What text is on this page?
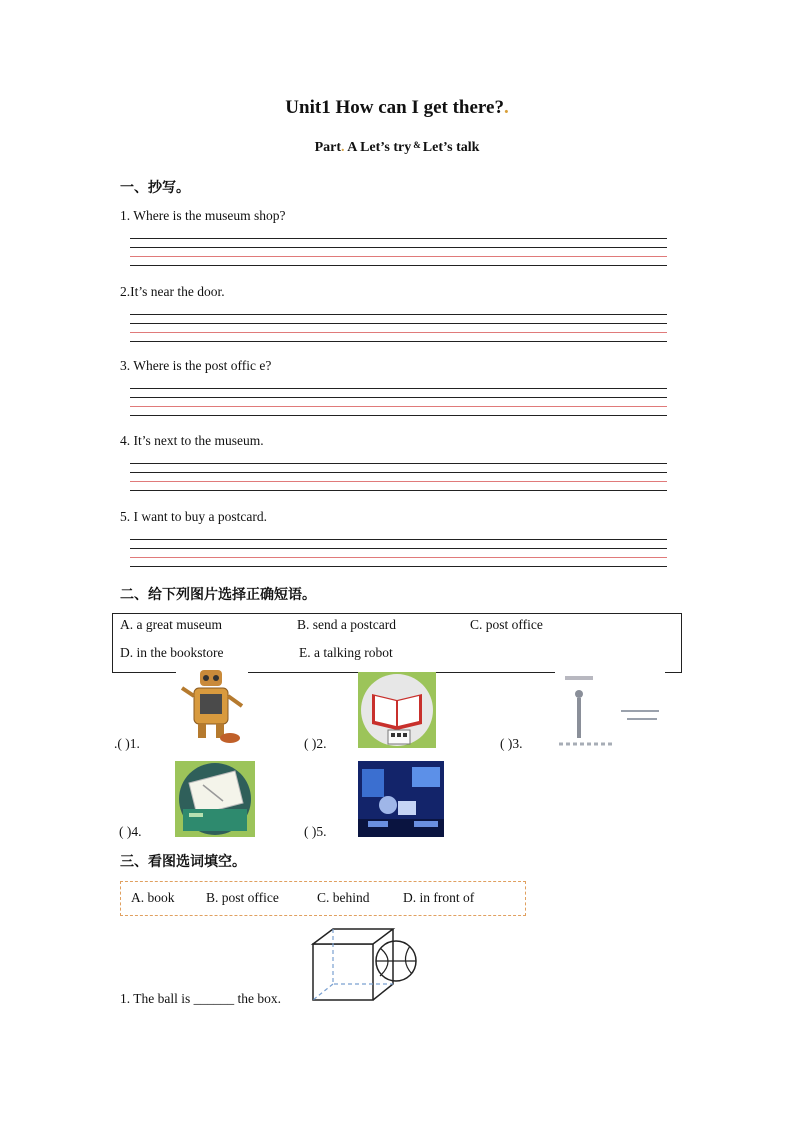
Unit1 How can I get there?.
Part. A Let’s try & Let’s talk
一、抄写。
1. Where is the museum shop?
2.It’s near the door.
3. Where is the post offic e?
4. It’s next to the museum.
5. I want to buy a postcard.
二、给下列图片选择正确短语。
A. a great museum	B. send a postcard	C. post office
D. in the bookstore	E. a talking robot
.( )1.	( )2.	( )3.
( )4.	( )5.
三、看图选词填空。
A. book B. post office	C. behind D. in front of
1. The ball is ______ the box.
